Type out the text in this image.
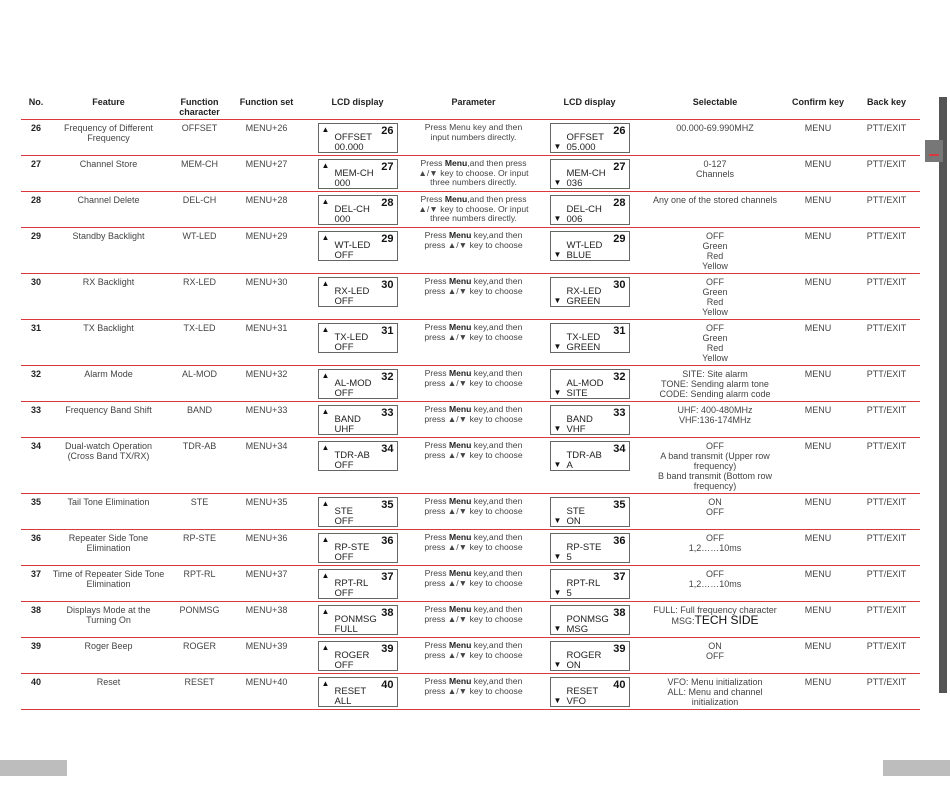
No.	Feature	Function character	Function set	LCD display	Parameter	LCD display	Selectable	Confirm key	Back key
26	Frequency of Different Frequency	OFFSET	MENU+26	▲ 26
OFFSET
00.000	Press Menu key and then input numbers directly.	▼
26
OFFSET
05.000	00.000-69.990MHZ	MENU	PTT/EXIT
27	Channel Store	MEM-CH	MENU+27	▲ 27
MEM-CH
000	Press Menu,and then press ▲/▼ key to choose. Or input three numbers directly.	▼
27
MEM-CH
036	0-127
Channels	MENU	PTT/EXIT
28	Channel Delete	DEL-CH	MENU+28	▲ 28
DEL-CH
000	Press Menu,and then press ▲/▼ key to choose. Or input three numbers directly.	▼
28
DEL-CH
006	Any one of the stored channels	MENU	PTT/EXIT
29	Standby Backlight	WT-LED	MENU+29	▲ 29
WT-LED
OFF	Press Menu key,and then press ▲/▼ key to choose	▼
29
WT-LED
BLUE	OFF
Green
Red
Yellow	MENU	PTT/EXIT
30	RX Backlight	RX-LED	MENU+30	▲ 30
RX-LED
OFF	Press Menu key,and then press ▲/▼ key to choose	▼
30
RX-LED
GREEN	OFF
Green
Red
Yellow	MENU	PTT/EXIT
31	TX Backlight	TX-LED	MENU+31	▲ 31
TX-LED
OFF	Press Menu key,and then press ▲/▼ key to choose	▼
31
TX-LED
GREEN	OFF
Green
Red
Yellow	MENU	PTT/EXIT
32	Alarm Mode	AL-MOD	MENU+32	▲ 32
AL-MOD
OFF	Press Menu key,and then press ▲/▼ key to choose	▼
32
AL-MOD
SITE	SITE: Site alarm
TONE: Sending alarm tone
CODE: Sending alarm code	MENU	PTT/EXIT
33	Frequency Band Shift	BAND	MENU+33	▲ 33
BAND
UHF	Press Menu key,and then press ▲/▼ key to choose	▼
33
BAND
VHF	UHF: 400-480MHz
VHF:136-174MHz	MENU	PTT/EXIT
34	Dual-watch Operation (Cross Band TX/RX)	TDR-AB	MENU+34	▲ 34
TDR-AB
OFF	Press Menu key,and then press ▲/▼ key to choose	▼
34
TDR-AB
A	OFF
A band transmit (Upper row frequency)
B band transmit (Bottom row frequency)	MENU	PTT/EXIT
35	Tail Tone Elimination	STE	MENU+35	▲ 35
STE
OFF	Press Menu key,and then press ▲/▼ key to choose	▼
35
STE
ON	ON
OFF	MENU	PTT/EXIT
36	Repeater Side Tone Elimination	RP-STE	MENU+36	▲ 36
RP-STE
OFF	Press Menu key,and then press ▲/▼ key to choose	▼
36
RP-STE
5	OFF
1,2……10ms	MENU	PTT/EXIT
37	Time of Repeater Side Tone Elimination	RPT-RL	MENU+37	▲ 37
RPT-RL
OFF	Press Menu key,and then press ▲/▼ key to choose	▼
37
RPT-RL
5	OFF
1,2……10ms	MENU	PTT/EXIT
38	Displays Mode at the Turning On	PONMSG	MENU+38	▲ 38
PONMSG
FULL	Press Menu key,and then press ▲/▼ key to choose	▼
38
PONMSG
MSG	FULL: Full frequency character
MSG:TECH SIDE	MENU	PTT/EXIT
39	Roger Beep	ROGER	MENU+39	▲ 39
ROGER
OFF	Press Menu key,and then press ▲/▼ key to choose	▼
39
ROGER
ON	ON
OFF	MENU	PTT/EXIT
40	Reset	RESET	MENU+40	▲ 40
RESET
ALL	Press Menu key,and then press ▲/▼ key to choose	▼
40
RESET
VFO	VFO: Menu initialization
ALL: Menu and channel initialization	MENU	PTT/EXIT
